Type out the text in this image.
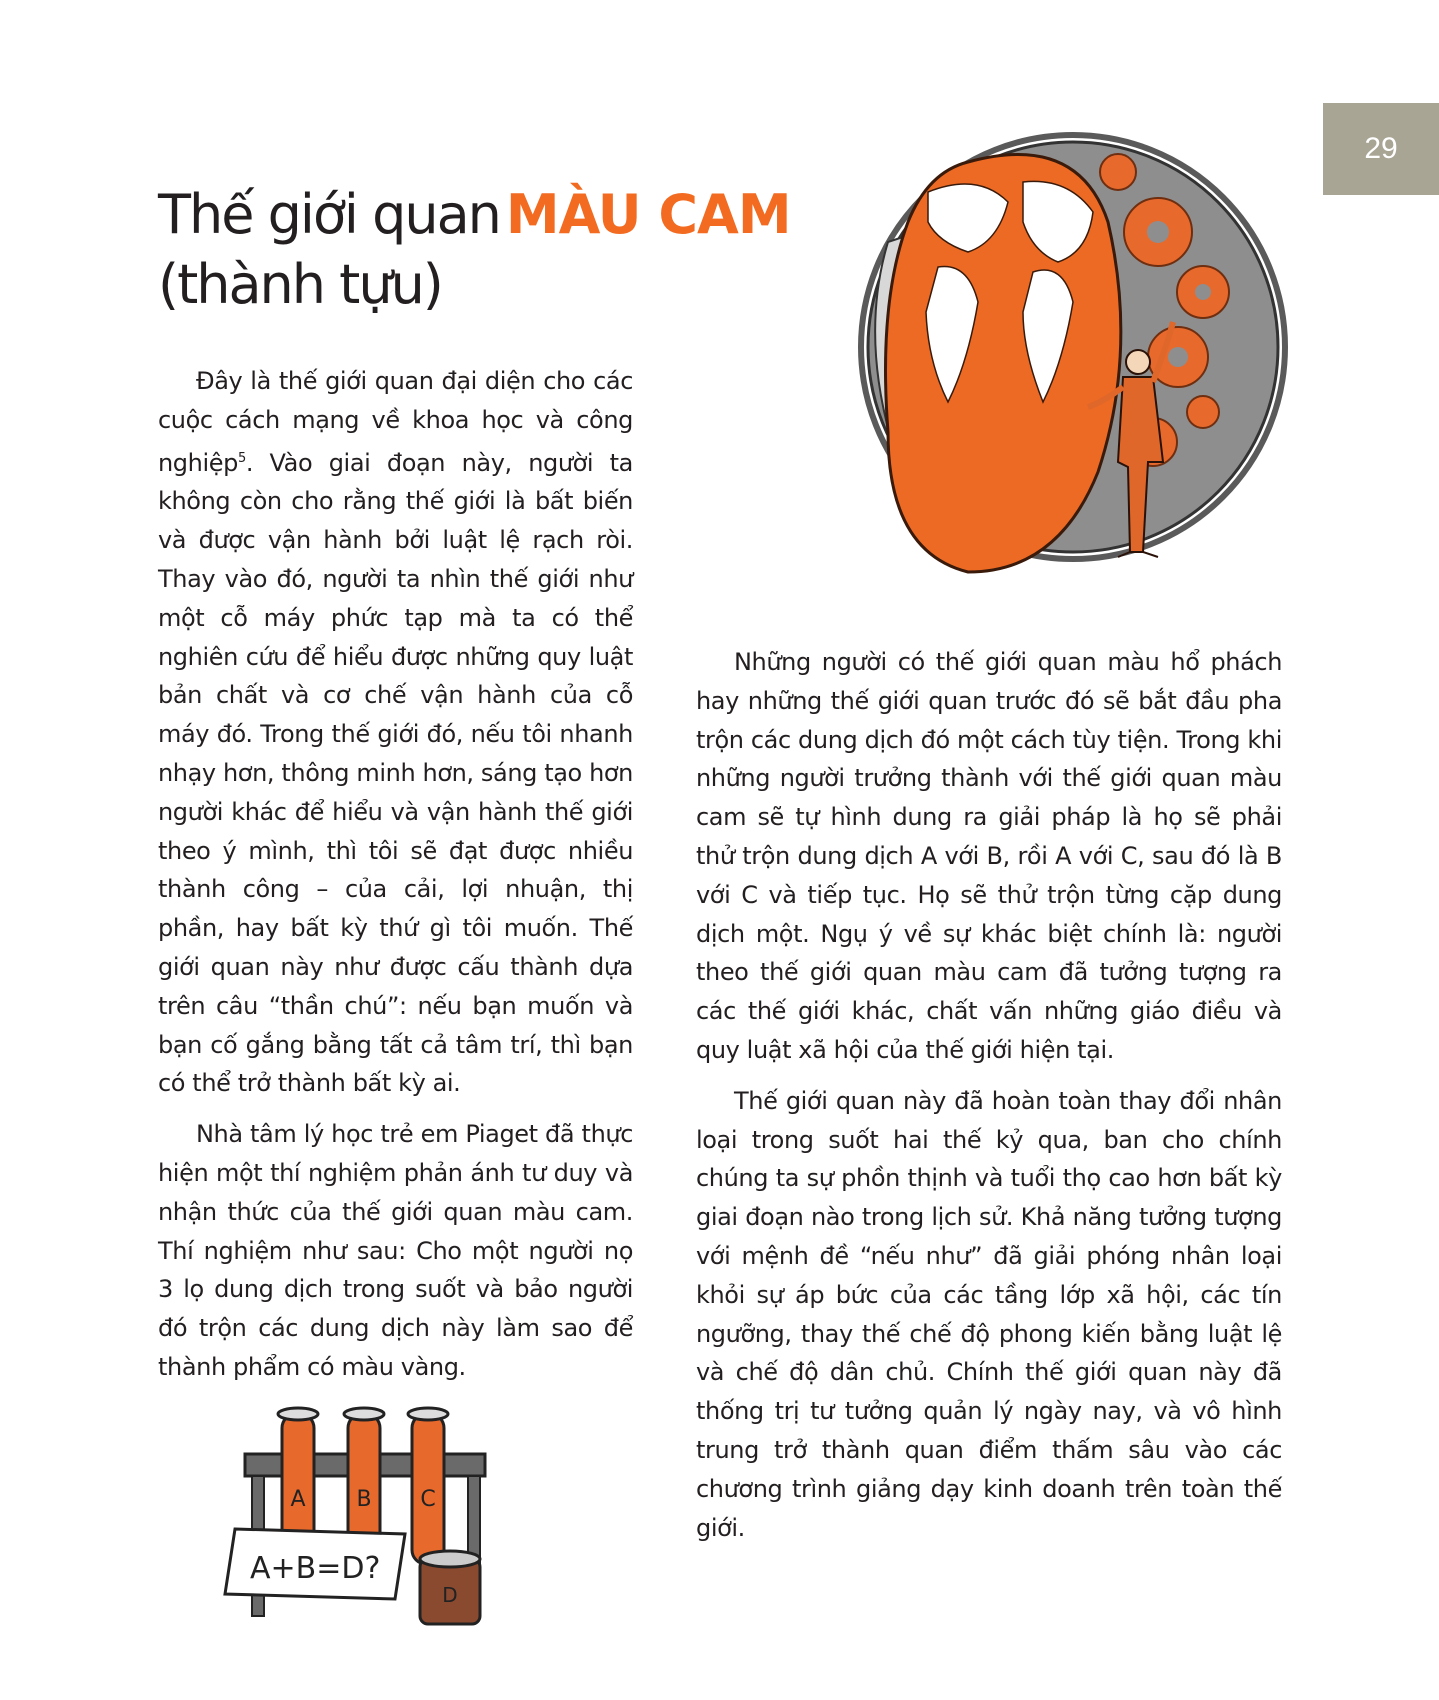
29
Thế giới quan MÀU CAM
(thành tựu)

Đây là thế giới quan đại diện cho các cuộc cách mạng về khoa học và công nghiệp$^5$. Vào giai đoạn này, người ta không còn cho rằng thế giới là bất biến và được vận hành bởi luật lệ rạch ròi. Thay vào đó, người ta nhìn thế giới như một cỗ máy phức tạp mà ta có thể nghiên cứu để hiểu được những quy luật bản chất và cơ chế vận hành của cỗ máy đó. Trong thế giới đó, nếu tôi nhanh nhạy hơn, thông minh hơn, sáng tạo hơn người khác để hiểu và vận hành thế giới theo ý mình, thì tôi sẽ đạt được nhiều thành công – của cải, lợi nhuận, thị phần, hay bất kỳ thứ gì tôi muốn. Thế giới quan này như được cấu thành dựa trên câu “thần chú”: nếu bạn muốn và bạn cố gắng bằng tất cả tâm trí, thì bạn có thể trở thành bất kỳ ai.

Nhà tâm lý học trẻ em Piaget đã thực hiện một thí nghiệm phản ánh tư duy và nhận thức của thế giới quan màu cam. Thí nghiệm như sau: Cho một người nọ 3 lọ dung dịch trong suốt và bảo người đó trộn các dung dịch này làm sao để thành phẩm có màu vàng.

Những người có thế giới quan màu hổ phách hay những thế giới quan trước đó sẽ bắt đầu pha trộn các dung dịch đó một cách tùy tiện. Trong khi những người trưởng thành với thế giới quan màu cam sẽ tự hình dung ra giải pháp là họ sẽ phải thử trộn dung dịch A với B, rồi A với C, sau đó là B với C và tiếp tục. Họ sẽ thử trộn từng cặp dung dịch một. Ngụ ý về sự khác biệt chính là: người theo thế giới quan màu cam đã tưởng tượng ra các thế giới khác, chất vấn những giáo điều và quy luật xã hội của thế giới hiện tại.

Thế giới quan này đã hoàn toàn thay đổi nhân loại trong suốt hai thế kỷ qua, ban cho chính chúng ta sự phồn thịnh và tuổi thọ cao hơn bất kỳ giai đoạn nào trong lịch sử. Khả năng tưởng tượng với mệnh đề “nếu như” đã giải phóng nhân loại khỏi sự áp bức của các tầng lớp xã hội, các tín ngưỡng, thay thế chế độ phong kiến bằng luật lệ và chế độ dân chủ. Chính thế giới quan này đã thống trị tư tưởng quản lý ngày nay, và vô hình trung trở thành quan điểm thấm sâu vào các chương trình giảng dạy kinh doanh trên toàn thế giới.

A B C
A+B=D?
D
